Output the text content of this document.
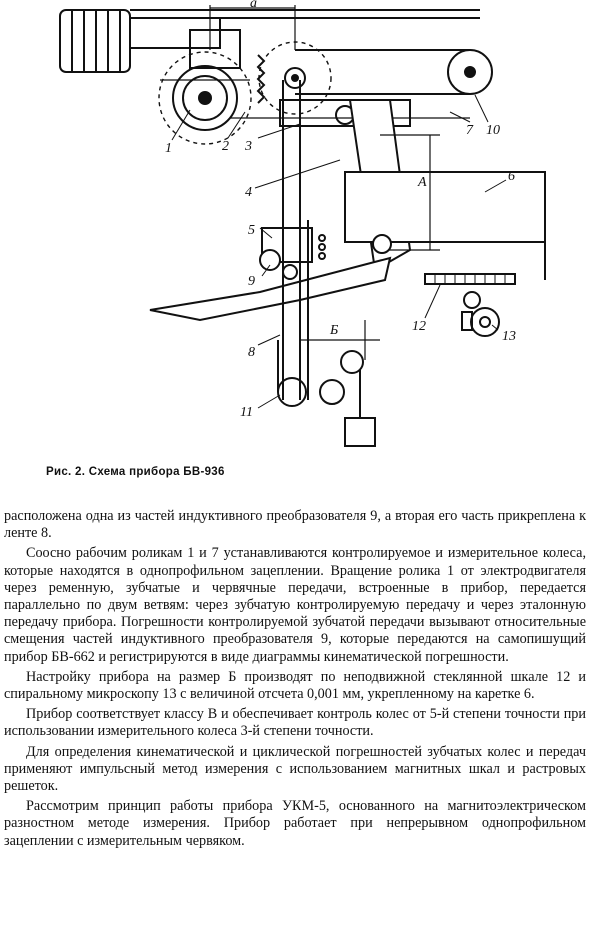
а
1	2 3
4
5
6
7
8
9
10
11
12
13
А
Б
Рис. 2. Схема прибора БВ-936

расположена одна из частей индуктивного преобразователя 9, а вторая его часть прикреплена к ленте 8.

Соосно рабочим роликам 1 и 7 устанавливаются контролируемое и измерительное колеса, которые находятся в однопрофильном зацеплении. Вращение ролика 1 от электродвигателя через ременную, зубчатые и червячные передачи, встроенные в прибор, передается параллельно по двум ветвям: через зубчатую контролируемую передачу и через эталонную передачу прибора. Погрешности контролируемой зубчатой передачи вызывают относительные смещения частей индуктивного преобразователя 9, которые передаются на самопишущий прибор БВ-662 и регистрируются в виде диаграммы кинематической погрешности.

Настройку прибора на размер Б производят по неподвижной стеклянной шкале 12 и спиральному микроскопу 13 с величиной отсчета 0,001 мм, укрепленному на каретке 6.

Прибор соответствует классу В и обеспечивает контроль колес от 5-й степени точности при использовании измерительного колеса 3-й степени точности.

Для определения кинематической и циклической погрешностей зубчатых колес и передач применяют импульсный метод измерения с использованием магнитных шкал и растровых решеток.

Рассмотрим принцип работы прибора УКМ-5, основанного на магнитоэлектрическом разностном методе измерения. Прибор работает при непрерывном однопрофильном зацеплении с измерительным червяком.
